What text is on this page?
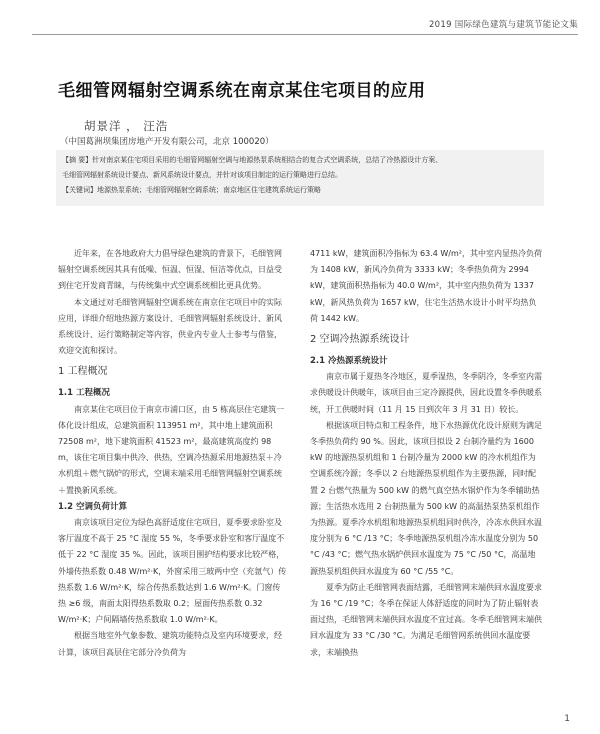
2019 国际绿色建筑与建筑节能论文集
毛细管网辐射空调系统在南京某住宅项目的应用
胡景洋 ， 汪浩
（中国葛洲坝集团房地产开发有限公司，北京 100020）
【摘 要】针对南京某住宅项目采用的毛细管网辐射空调与地源热泵系统相结合的复合式空调系统，总结了冷热源设计方案、
毛细管网辐射系统设计要点、新风系统设计要点，并针对该项目制定的运行策略进行总结。
【关键词】地源热泵系统；毛细管网辐射空调系统；南京地区住宅建筑系统运行策略

近年来，在各地政府大力倡导绿色建筑的背景下，毛细管网辐射空调系统因其具有低噪、恒温、恒湿、恒洁等优点，日益受到住宅开发商青睐，与传统集中式空调系统相比更具优势。

本文通过对毛细管网辐射空调系统在南京住宅项目中的实际应用，详细介绍地热源方案设计、毛细管网辐射系统设计、新风系统设计、运行策略制定等内容，供业内专业人士参考与借鉴，欢迎交流和探讨。

1 工程概况
1.1 工程概况

南京某住宅项目位于南京市浦口区，由 5 栋高层住宅建筑一体化设计组成，总建筑面积 113951 m²，其中地上建筑面积 72508 m²，地下建筑面积 41523 m²，最高建筑高度约 98 m，该住宅项目集中供冷、供热，空调冷热源采用地源热泵＋冷水机组＋燃气锅炉的形式，空调末端采用毛细管网辐射空调系统＋置换新风系统。

1.2 空调负荷计算

南京该项目定位为绿色高舒适度住宅项目，夏季要求卧室及客厅温度不高于 25 °C 湿度 55 %，冬季要求卧室和客厅温度不低于 22 °C 湿度 35 %。因此，该项目围护结构要求比较严格，外墙传热系数 0.48 W/m²·K，外窗采用三玻两中空（充氩气）传热系数 1.6 W/m²·K，综合传热系数达到 1.6 W/m²·K。门窗传热 ≥6 级，南面太阳得热系数取 0.2；屋面传热系数 0.32 W/m²·K；户间隔墙传热系数取 1.0 W/m²·K。

根据当地室外气象参数、建筑功能特点及室内环境要求，经计算，该项目高层住宅部分冷负荷为

4711 kW，建筑面积冷指标为 63.4 W/m²，其中室内显热冷负荷为 1408 kW，新风冷负荷为 3333 kW；冬季热负荷为 2994 kW，建筑面积热指标为 40.0 W/m²，其中室内热负荷为 1337 kW，新风热负荷为 1657 kW，住宅生活热水设计小时平均热负荷 1442 kW。

2 空调冷热源系统设计
2.1 冷热源系统设计

南京市属于夏热冬冷地区，夏季湿热，冬季阴冷，冬季室内需求供暖设计供暖年，该项目由三定冷源提供，因此设置冬季供暖系统，开工供暖时间（11 月 15 日到次年 3 月 31 日）较长。

根据该项目特点和工程条件，地下水热源优化设计原则为满足冬季热负荷约 90 %。因此，该项目拟设 2 台制冷量约为 1600 kW 的地源热泵机组和 1 台制冷量为 2000 kW 的冷水机组作为空调系统冷源；冬季以 2 台地源热泵机组作为主要热源，同时配置 2 台燃气热量为 500 kW 的燃气真空热水锅炉作为冬季辅助热源；生活热水选用 2 台制热量为 500 kW 的高温热泵热泵机组作为热源。夏季冷水机组和地源热泵机组同时供冷，冷冻水供回水温度分别为 6 °C /13 °C；冬季地源热泵机组冷冻水温度分别为 50 °C /43 °C；燃气热水锅炉供回水温度为 75 °C /50 °C，高温地源热泵机组供回水温度为 60 °C /55 °C。

夏季为防止毛细管网表面结露，毛细管网末端供回水温度要求为 16 °C /19 °C；冬季在保证人体舒适度的同时为了防止辐射表面过热，毛细管网末端供回水温度不宜过高。冬季毛细管网末端供回水温度为 33 °C /30 °C。为满足毛细管网系统供回水温度要求，末端换热

1
